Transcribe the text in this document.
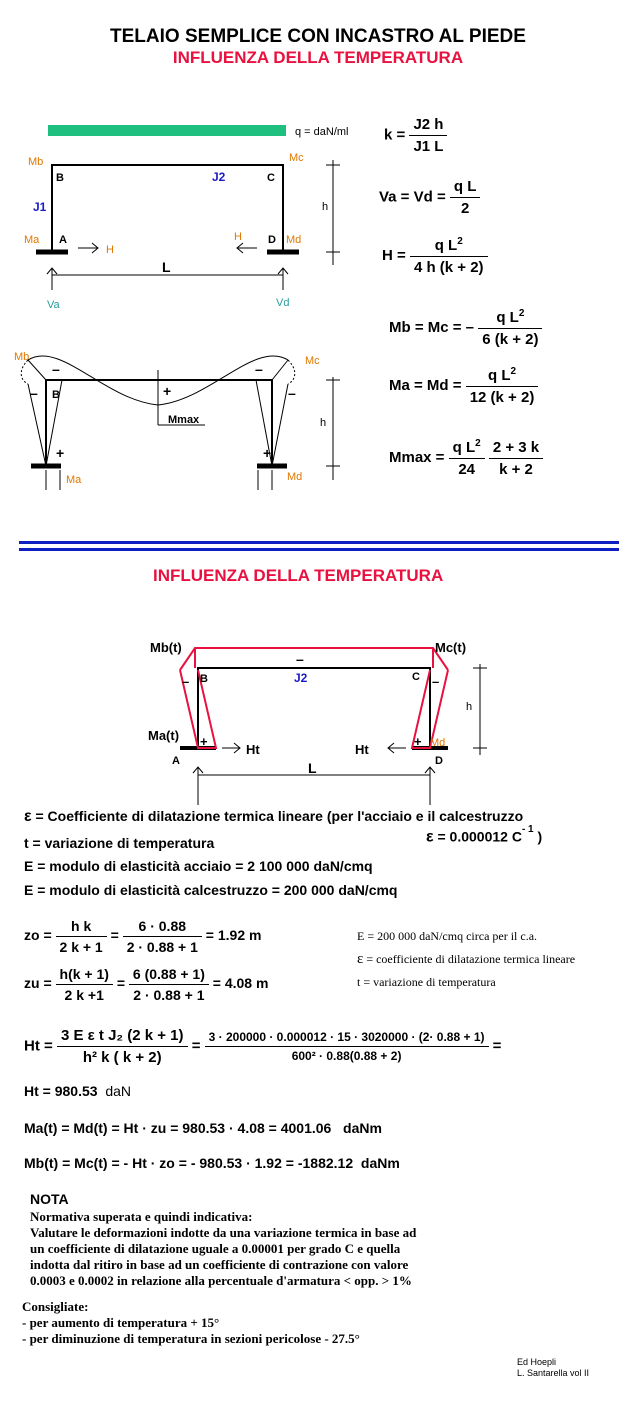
TELAIO SEMPLICE CON INCASTRO AL PIEDE
INFLUENZA DELLA TEMPERATURA
q = daN/ml
h
Mb	Mc
B	C
J2
J1
Ma A
H
H D Md
L
Va	Vd
Mb	Mc
–	–
–	–
B	+
Mmax
+	+
h
Ma	Md
$k = \frac{J2 h}{J1 L}$
$Va = Vd = \frac{\text{q L}}{2}$
$H = \frac{q L^2}{4 h (k + 2)}$
Mb = Mc = – $\frac{q L^2}{6 (k + 2)}$
$Ma = Md = \frac{q L^2}{12 (k + 2)}$
$Mmax = \frac{q L^2}{24}$
$\frac{2 + 3 k}{k + 2}$
INFLUENZA DELLA TEMPERATURA
Mb(t)	Mc(t)
–
–	–
B	J2	C
h
Ma(t) +	+
Ht	Ht	Md
A	D
L
ε = Coefficiente di dilatazione termica lineare (per l'acciaio e il calcestruzzo
t = variazione di temperatura	ε = 0.000012 $C^{- 1}$ )
E = modulo di elasticità acciaio = 2 100 000 daN/cmq
E = modulo di elasticità calcestruzzo = 200 000 daN/cmq
zo = $\frac{\text{h k}}{2 k + 1} = \frac{6 \cdot 0.88}{2 \cdot 0.88 + 1} = 1.92$ m
zu = $\frac{h(k + 1)}{2 k +1} = \frac{6 (0.88 + 1)}{2 \cdot 0.88 + 1} = 4.08$ m
E = 200 000 daN/cmq circa per il c.a.
ε = coefficiente di dilatazione termica lineare
t = variazione di temperatura
$Ht = \frac{\text{3 E ε t J₂ (2 k + 1)}}{\text{h² k ( k + 2)}} = \frac{3 \cdot 200000 \cdot 0.000012 \cdot 15 \cdot 3020000 \cdot (2\cdot 0.88 + 1)}{\text{600² · 0.88(0.88 + 2)}}$ =
Ht = 980.53 daN
Ma(t) = Md(t) = Ht · zu = 980.53 · 4.08 = 4001.06 daNm
Mb(t) = Mc(t) = - Ht · zo = - 980.53 · 1.92 = -1882.12 daNm
NOTA
Normativa superata e quindi indicativa:
Valutare le deformazioni indotte da una variazione termica in base ad
un coefficiente di dilatazione uguale a 0.00001 per grado C e quella
indotta dal ritiro in base ad un coefficiente di contrazione con valore
0.0003 e 0.0002 in relazione alla percentuale d'armatura < opp. > 1%
Consigliate:
- per aumento di temperatura + 15°
- per diminuzione di temperatura in sezioni pericolose - 27.5°
Ed Hoepli
L. Santarella vol II
